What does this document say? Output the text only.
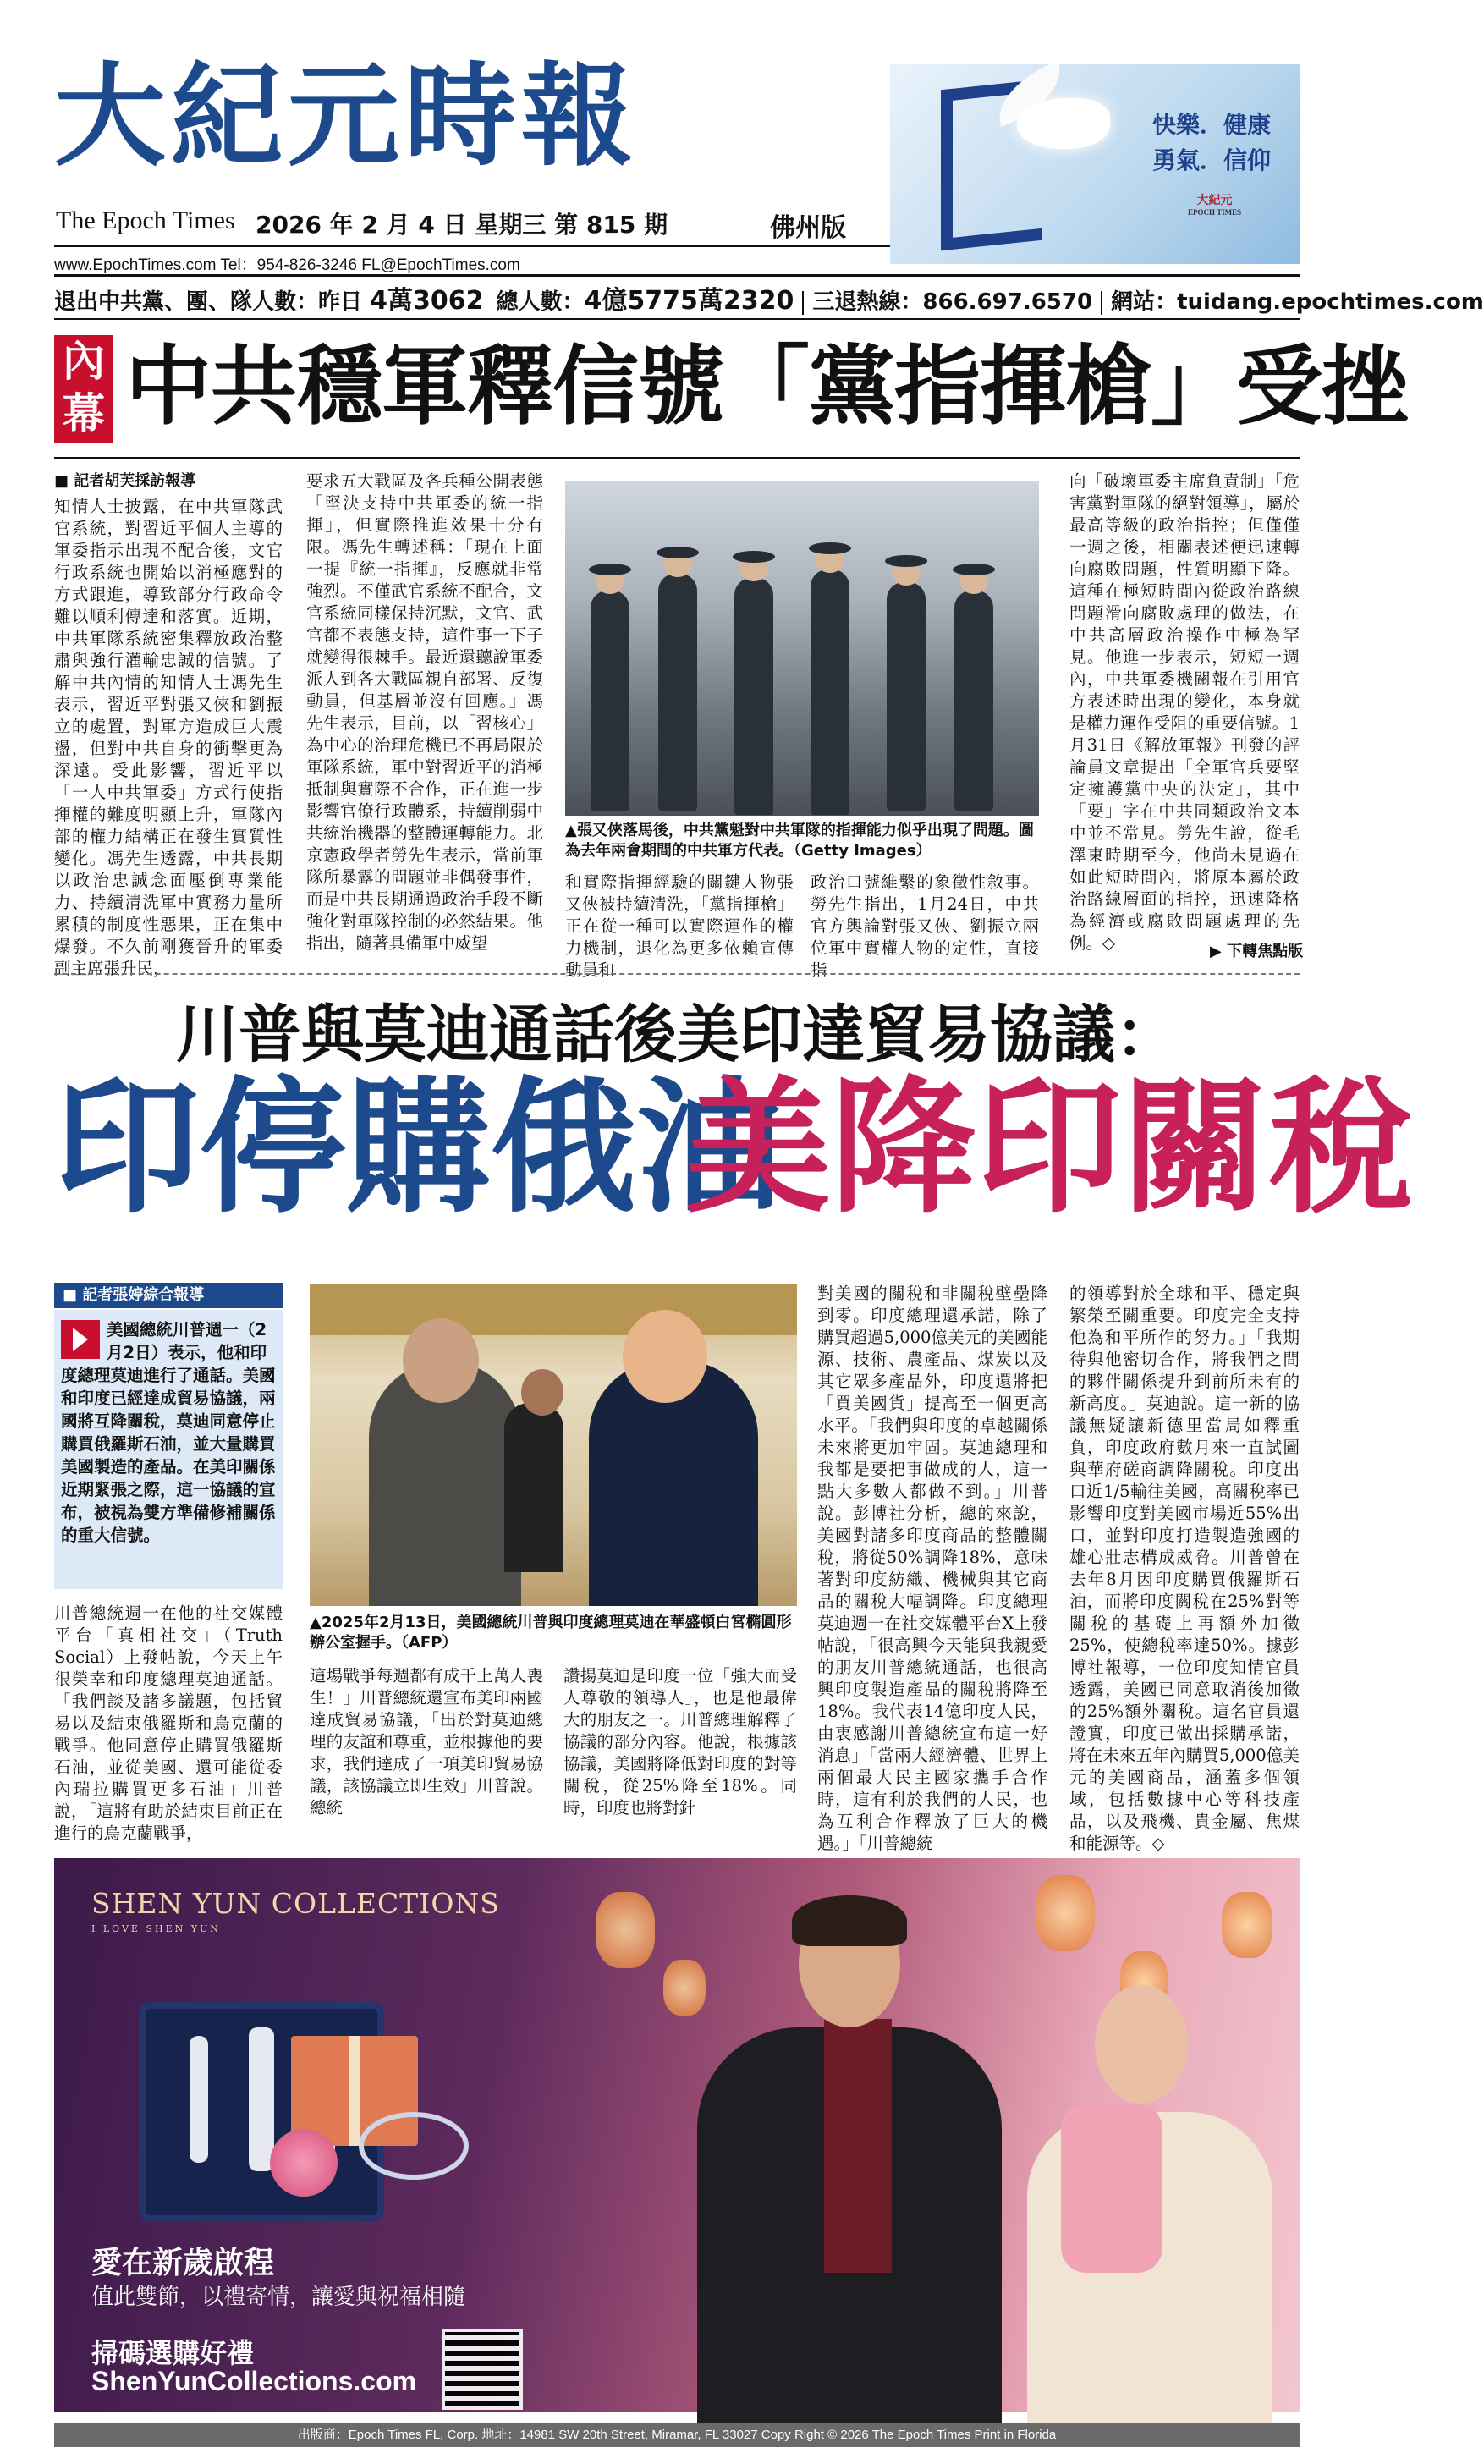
大紀元時報
The Epoch Times 2026 年 2 月 4 日 星期三 第 815 期	佛州版
www.EpochTimes.com Tel：954-826-3246 FL@EpochTimes.com
快樂．健康
勇氣．信仰
大紀元
EPOCH TIMES
退出中共黨、團、隊人數：昨日 4萬3062 總人數：4億5775萬2320 三退熱線：866.697.6570 網站：tuidang.epochtimes.com
內幕 中共穩軍釋信號「黨指揮槍」受挫
■ 記者胡芙採訪報導
知情人士披露，在中共軍隊武官系統，對習近平個人主導的軍委指示出現不配合後，文官行政系統也開始以消極應對的方式跟進，導致部分行政命令難以順利傳達和落實。近期，中共軍隊系統密集釋放政治整肅與強行灌輸忠誠的信號。了解中共內情的知情人士馮先生表示，習近平對張又俠和劉振立的處置，對軍方造成巨大震盪，但對中共自身的衝擊更為深遠。受此影響，習近平以「一人中共軍委」方式行使指揮權的難度明顯上升，軍隊內部的權力結構正在發生實質性變化。馮先生透露，中共長期以政治忠誠念面壓倒專業能力、持續清洗軍中實務力量所累積的制度性惡果，正在集中爆發。不久前剛獲晉升的軍委副主席張升民，
要求五大戰區及各兵種公開表態「堅決支持中共軍委的統一指揮」，但實際推進效果十分有限。馮先生轉述稱：「現在上面一提『統一指揮』，反應就非常強烈。不僅武官系統不配合，文官系統同樣保持沉默，文官、武官都不表態支持，這件事一下子就變得很棘手。最近還聽說軍委派人到各大戰區親自部署、反復動員，但基層並沒有回應。」馮先生表示，目前，以「習核心」為中心的治理危機已不再局限於軍隊系統，軍中對習近平的消極抵制與實際不合作，正在進一步影響官僚行政體系，持續削弱中共統治機器的整體運轉能力。北京憲政學者勞先生表示，當前軍隊所暴露的問題並非偶發事件，而是中共長期通過政治手段不斷強化對軍隊控制的必然結果。他指出，隨著具備軍中威望
▲張又俠落馬後，中共黨魁對中共軍隊的指揮能力似乎出現了問題。圖為去年兩會期間的中共軍方代表。（Getty Images）
和實際指揮經驗的關鍵人物張又俠被持續清洗，「黨指揮槍」正在從一種可以實際運作的權力機制，退化為更多依賴宣傳動員和
政治口號維繫的象徵性敘事。勞先生指出，1月24日，中共官方輿論對張又俠、劉振立兩位軍中實權人物的定性，直接指
向「破壞軍委主席負責制」「危害黨對軍隊的絕對領導」，屬於最高等級的政治指控；但僅僅一週之後，相關表述便迅速轉向腐敗問題，性質明顯下降。這種在極短時間內從政治路線問題滑向腐敗處理的做法，在中共高層政治操作中極為罕見。他進一步表示，短短一週內，中共軍委機關報在引用官方表述時出現的變化，本身就是權力運作受阻的重要信號。1月31日《解放軍報》刊發的評論員文章提出「全軍官兵要堅定擁護黨中央的決定」，其中「要」字在中共同類政治文本中並不常見。勞先生說，從毛澤東時期至今，他尚未見過在如此短時間內，將原本屬於政治路線層面的指控，迅速降格為經濟或腐敗問題處理的先例。◇	▶ 下轉焦點版
川普與莫迪通話後美印達貿易協議：
印停購俄油
美降印關稅
■ 記者張婷綜合報導
美國總統川普週一（2月2日）表示，他和印度總理莫迪進行了通話。美國和印度已經達成貿易協議，兩國將互降關稅，莫迪同意停止購買俄羅斯石油，並大量購買美國製造的產品。在美印關係近期緊張之際，這一協議的宣布，被視為雙方準備修補關係的重大信號。
川普總統週一在他的社交媒體平台「真相社交」（Truth Social）上發帖說，今天上午很榮幸和印度總理莫迪通話。「我們談及諸多議題，包括貿易以及結束俄羅斯和烏克蘭的戰爭。他同意停止購買俄羅斯石油，並從美國、還可能從委內瑞拉購買更多石油」川普說，「這將有助於結束目前正在進行的烏克蘭戰爭，
▲2025年2月13日，美國總統川普與印度總理莫迪在華盛頓白宮橢圓形辦公室握手。（AFP）
這場戰爭每週都有成千上萬人喪生！」川普總統還宣布美印兩國達成貿易協議，「出於對莫迪總理的友誼和尊重，並根據他的要求，我們達成了一項美印貿易協議，該協議立即生效」川普說。總統
讚揚莫迪是印度一位「強大而受人尊敬的領導人」，也是他最偉大的朋友之一。川普總理解釋了協議的部分內容。他說，根據該協議，美國將降低對印度的對等關稅，從25%降至18%。同時，印度也將對針
對美國的關稅和非關稅壁壘降到零。印度總理還承諾，除了購買超過5,000億美元的美國能源、技術、農產品、煤炭以及其它眾多產品外，印度還將把「買美國貨」提高至一個更高水平。「我們與印度的卓越關係未來將更加牢固。莫迪總理和我都是要把事做成的人，這一點大多數人都做不到。」川普說。彭博社分析，總的來說，美國對諸多印度商品的整體關稅，將從50%調降18%，意味著對印度紡織、機械與其它商品的關稅大幅調降。印度總理莫迪週一在社交媒體平台X上發帖說，「很高興今天能與我親愛的朋友川普總統通話，也很高興印度製造產品的關稅將降至18%。我代表14億印度人民，由衷感謝川普總統宣布這一好消息」「當兩大經濟體、世界上兩個最大民主國家攜手合作時，這有利於我們的人民，也為互利合作釋放了巨大的機遇。」「川普總統
的領導對於全球和平、穩定與繁榮至關重要。印度完全支持他為和平所作的努力。」「我期待與他密切合作，將我們之間的夥伴關係提升到前所未有的新高度。」莫迪說。這一新的協議無疑讓新德里當局如釋重負，印度政府數月來一直試圖與華府磋商調降關稅。印度出口近1/5輸往美國，高關稅率已影響印度對美國市場近55%出口，並對印度打造製造強國的雄心壯志構成威脅。川普曾在去年8月因印度購買俄羅斯石油，而將印度關稅在25%對等關稅的基礎上再額外加徵25%，使總稅率達50%。據彭博社報導，一位印度知情官員透露，美國已同意取消後加徵的25%額外關稅。這名官員還證實，印度已做出採購承諾，將在未來五年內購買5,000億美元的美國商品，涵蓋多個領域，包括數據中心等科技產品，以及飛機、貴金屬、焦煤和能源等。◇
SHEN YUN COLLECTIONS
I LOVE SHEN YUN
愛在新歲啟程
值此雙節，以禮寄情，讓愛與祝福相隨
掃碼選購好禮
ShenYunCollections.com
出版商：Epoch Times FL, Corp. 地址：14981 SW 20th Street, Miramar, FL 33027 Copy Right © 2026 The Epoch Times Print in Florida
